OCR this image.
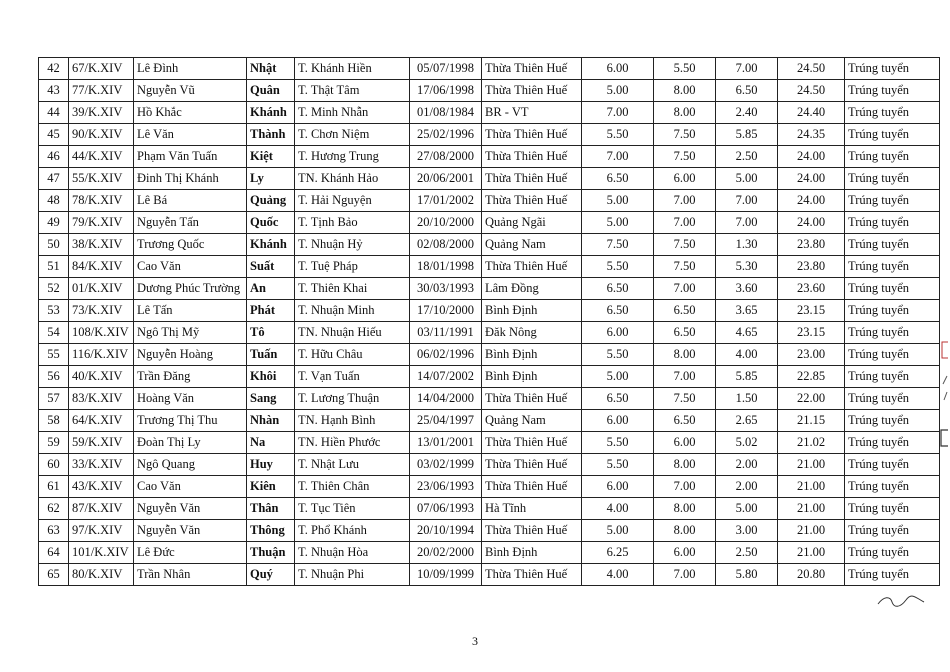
42	67/K.XIV	Lê Đình	Nhật	T. Khánh Hiền	05/07/1998	Thừa Thiên Huế	6.00	5.50	7.00	24.50	Trúng tuyển
43	77/K.XIV	Nguyễn Vũ	Quân	T. Thật Tâm	17/06/1998	Thừa Thiên Huế	5.00	8.00	6.50	24.50	Trúng tuyển
44	39/K.XIV	Hồ Khắc	Khánh	T. Minh Nhẫn	01/08/1984	BR - VT	7.00	8.00	2.40	24.40	Trúng tuyển
45	90/K.XIV	Lê Văn	Thành	T. Chơn Niệm	25/02/1996	Thừa Thiên Huế	5.50	7.50	5.85	24.35	Trúng tuyển
46	44/K.XIV	Phạm Văn Tuấn	Kiệt	T. Hương Trung	27/08/2000	Thừa Thiên Huế	7.00	7.50	2.50	24.00	Trúng tuyển
47	55/K.XIV	Đinh Thị Khánh	Ly	TN. Khánh Hảo	20/06/2001	Thừa Thiên Huế	6.50	6.00	5.00	24.00	Trúng tuyển
48	78/K.XIV	Lê Bá	Quảng	T. Hải Nguyện	17/01/2002	Thừa Thiên Huế	5.00	7.00	7.00	24.00	Trúng tuyển
49	79/K.XIV	Nguyễn Tấn	Quốc	T. Tịnh Bảo	20/10/2000	Quảng Ngãi	5.00	7.00	7.00	24.00	Trúng tuyển
50	38/K.XIV	Trương Quốc	Khánh	T. Nhuận Hỷ	02/08/2000	Quảng Nam	7.50	7.50	1.30	23.80	Trúng tuyển
51	84/K.XIV	Cao Văn	Suất	T. Tuệ Pháp	18/01/1998	Thừa Thiên Huế	5.50	7.50	5.30	23.80	Trúng tuyển
52	01/K.XIV	Dương Phúc Trường	An	T. Thiên Khai	30/03/1993	Lâm Đồng	6.50	7.00	3.60	23.60	Trúng tuyển
53	73/K.XIV	Lê Tấn	Phát	T. Nhuận Minh	17/10/2000	Bình Định	6.50	6.50	3.65	23.15	Trúng tuyển
54	108/K.XIV	Ngô Thị Mỹ	Tô	TN. Nhuận Hiếu	03/11/1991	Đăk Nông	6.00	6.50	4.65	23.15	Trúng tuyển
55	116/K.XIV	Nguyễn Hoàng	Tuấn	T. Hữu Châu	06/02/1996	Bình Định	5.50	8.00	4.00	23.00	Trúng tuyển
56	40/K.XIV	Trần Đăng	Khôi	T. Vạn Tuấn	14/07/2002	Bình Định	5.00	7.00	5.85	22.85	Trúng tuyển
57	83/K.XIV	Hoàng Văn	Sang	T. Lương Thuận	14/04/2000	Thừa Thiên Huế	6.50	7.50	1.50	22.00	Trúng tuyển
58	64/K.XIV	Trương Thị Thu	Nhàn	TN. Hạnh Bình	25/04/1997	Quảng Nam	6.00	6.50	2.65	21.15	Trúng tuyển
59	59/K.XIV	Đoàn Thị Ly	Na	TN. Hiền Phước	13/01/2001	Thừa Thiên Huế	5.50	6.00	5.02	21.02	Trúng tuyển
60	33/K.XIV	Ngô Quang	Huy	T. Nhật Lưu	03/02/1999	Thừa Thiên Huế	5.50	8.00	2.00	21.00	Trúng tuyển
61	43/K.XIV	Cao Văn	Kiên	T. Thiên Chân	23/06/1993	Thừa Thiên Huế	6.00	7.00	2.00	21.00	Trúng tuyển
62	87/K.XIV	Nguyễn Văn	Thân	T. Tục Tiên	07/06/1993	Hà Tĩnh	4.00	8.00	5.00	21.00	Trúng tuyển
63	97/K.XIV	Nguyễn Văn	Thông	T. Phổ Khánh	20/10/1994	Thừa Thiên Huế	5.00	8.00	3.00	21.00	Trúng tuyển
64	101/K.XIV	Lê Đức	Thuận	T. Nhuận Hòa	20/02/2000	Bình Định	6.25	6.00	2.50	21.00	Trúng tuyển
65	80/K.XIV	Trần Nhân	Quý	T. Nhuận Phi	10/09/1999	Thừa Thiên Huế	4.00	7.00	5.80	20.80	Trúng tuyển
3
